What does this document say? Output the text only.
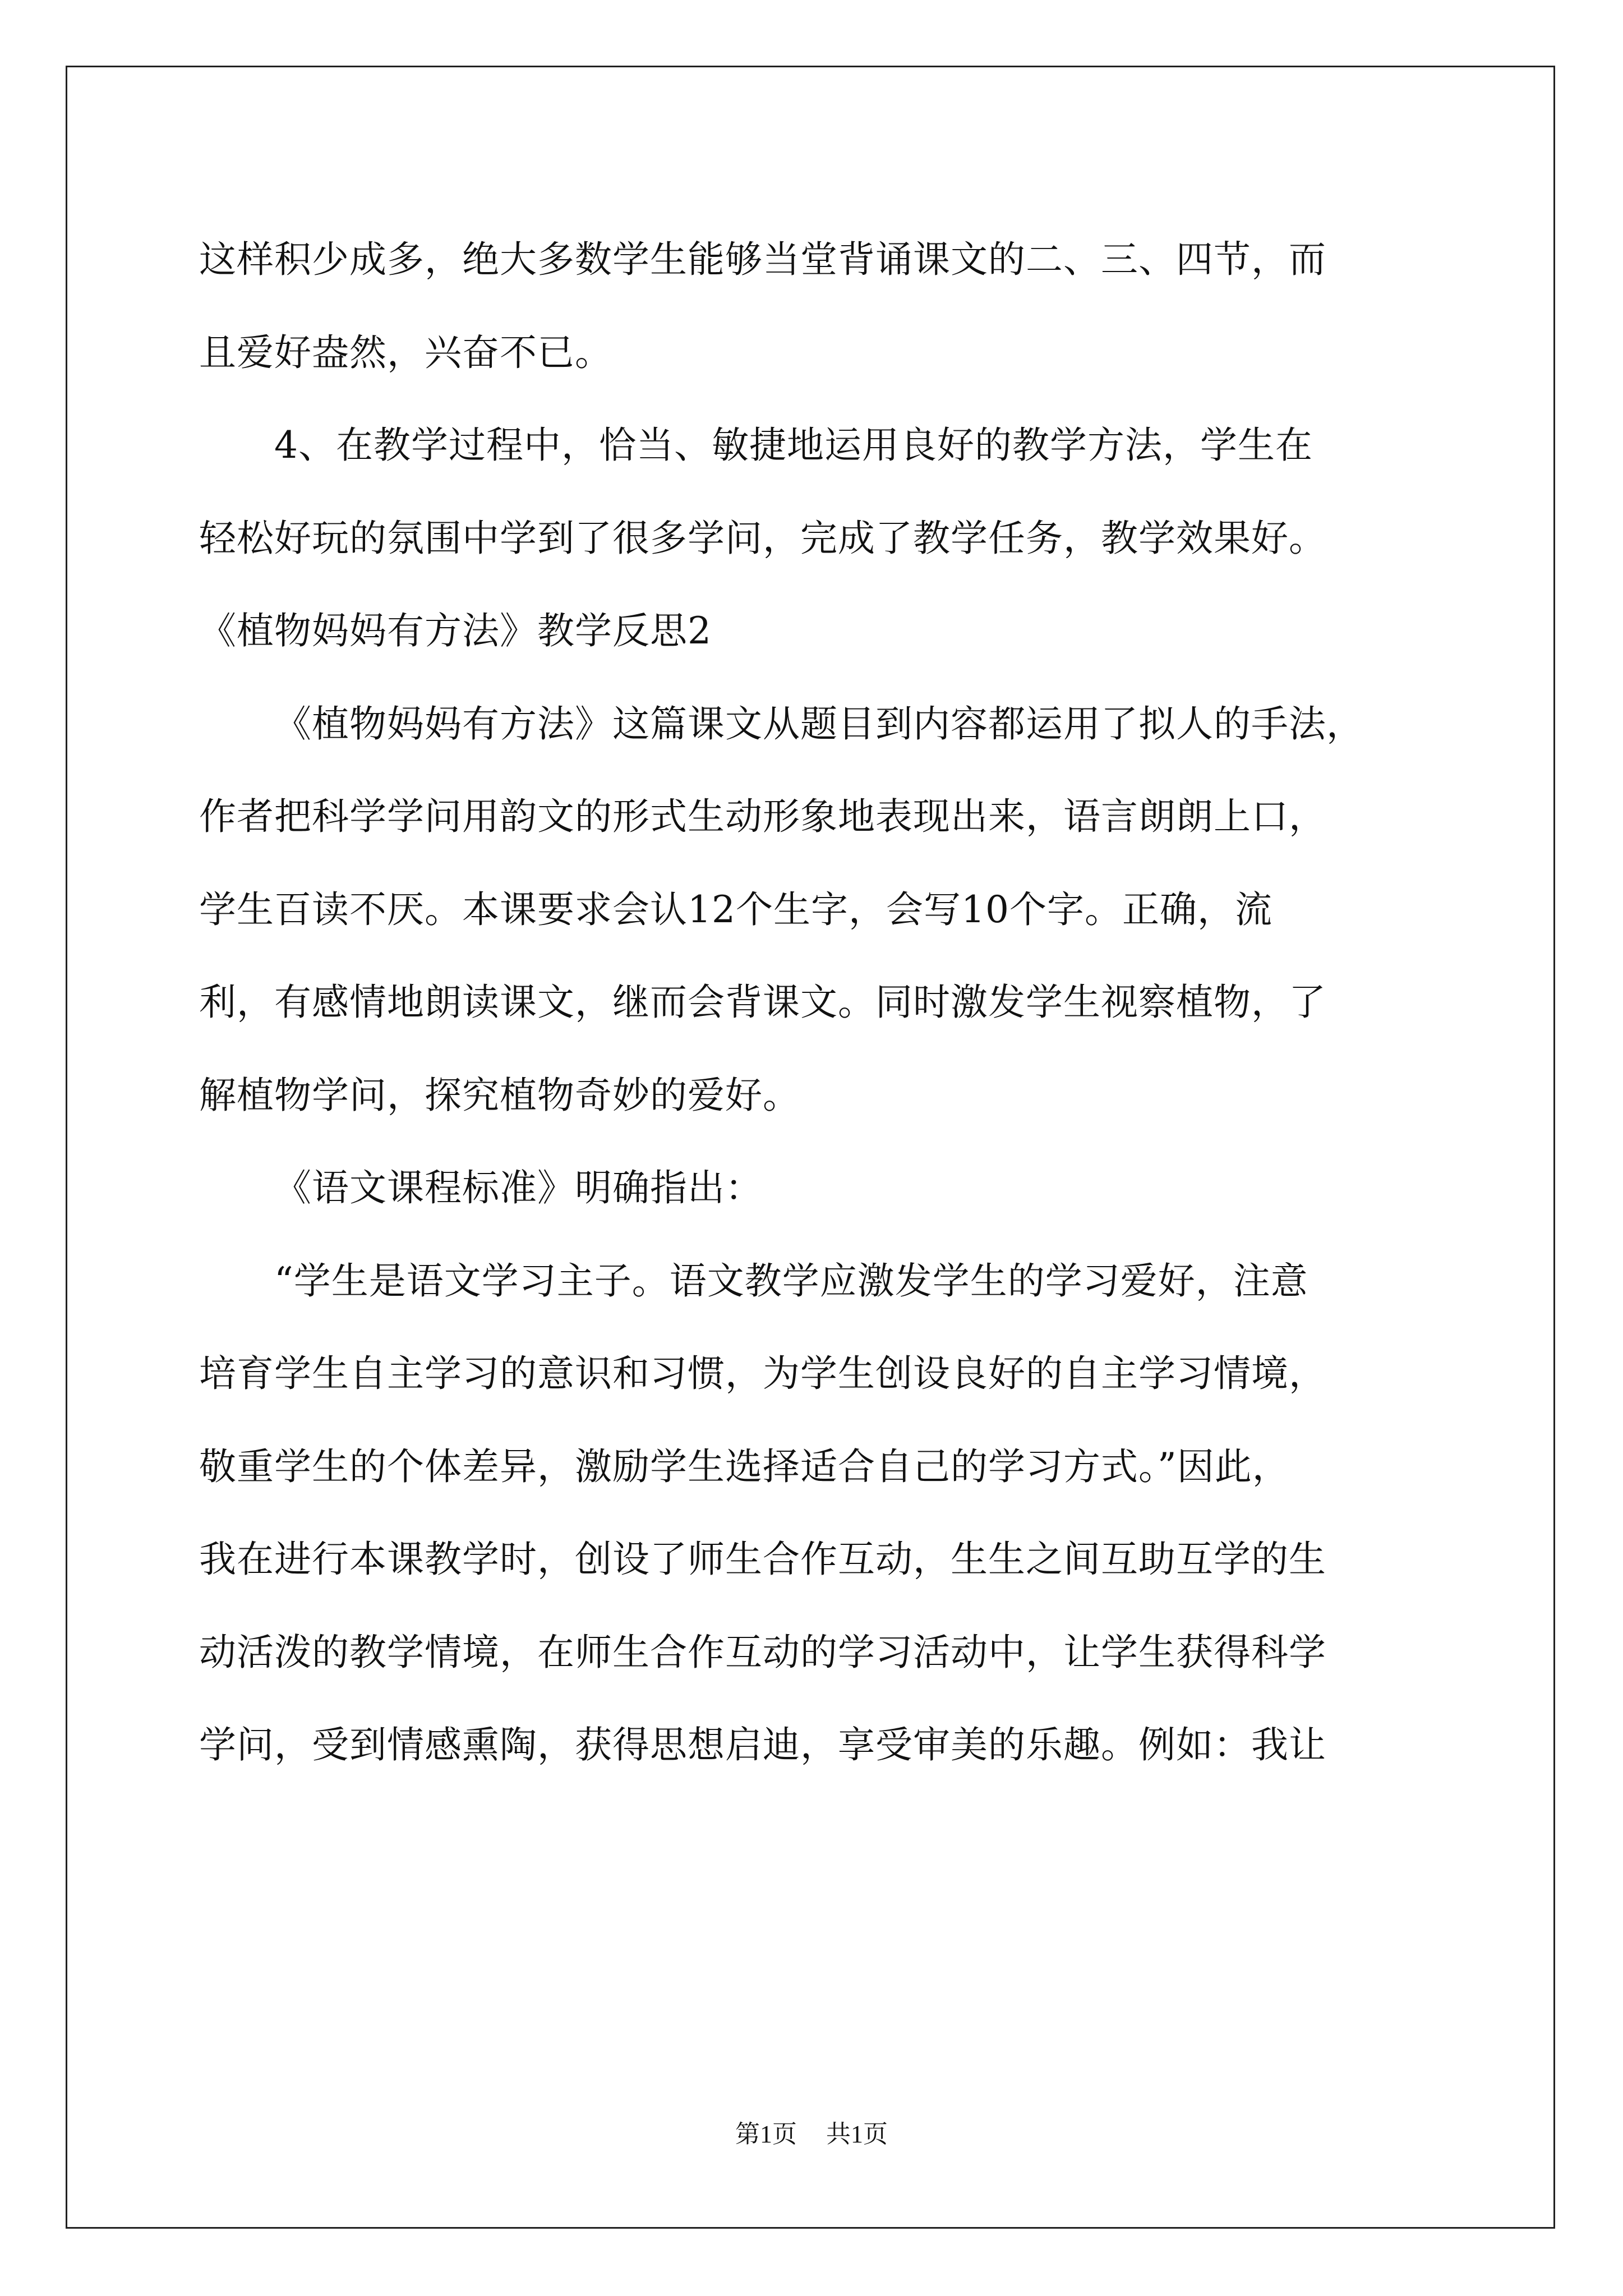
这样积少成多，绝大多数学生能够当堂背诵课文的二、三、四节，而
且爱好盎然，兴奋不已。
4、在教学过程中，恰当、敏捷地运用良好的教学方法，学生在
轻松好玩的氛围中学到了很多学问，完成了教学任务，教学效果好。
《植物妈妈有方法》教学反思2
《植物妈妈有方法》这篇课文从题目到内容都运用了拟人的手法，
作者把科学学问用韵文的形式生动形象地表现出来，语言朗朗上口，
学生百读不厌。本课要求会认12个生字，会写10个字。正确，流
利，有感情地朗读课文，继而会背课文。同时激发学生视察植物，了
解植物学问，探究植物奇妙的爱好。
《语文课程标准》明确指出：
“学生是语文学习主子。语文教学应激发学生的学习爱好，注意
培育学生自主学习的意识和习惯，为学生创设良好的自主学习情境，
敬重学生的个体差异，激励学生选择适合自己的学习方式。”因此，
我在进行本课教学时，创设了师生合作互动，生生之间互助互学的生
动活泼的教学情境，在师生合作互动的学习活动中，让学生获得科学
学问，受到情感熏陶，获得思想启迪，享受审美的乐趣。例如：我让
第1页 共1页
